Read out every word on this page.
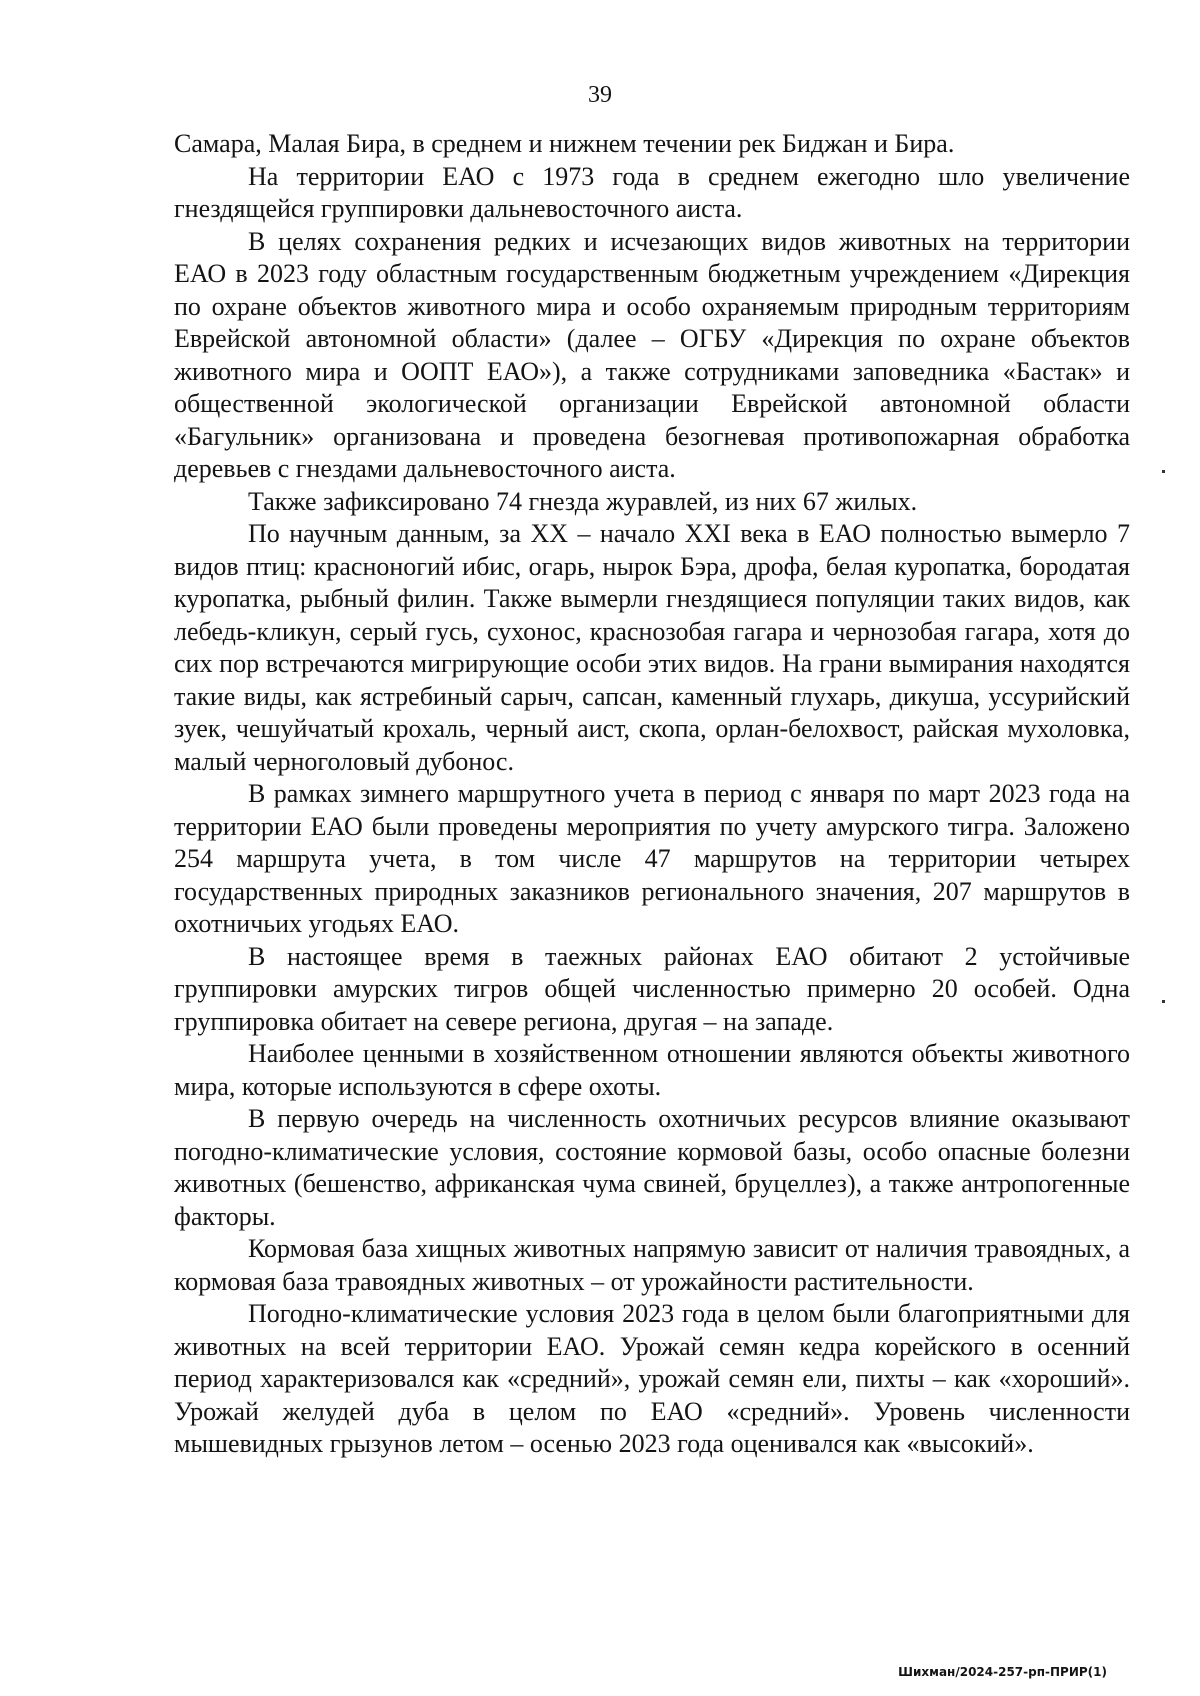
39

Самара, Малая Бира, в среднем и нижнем течении рек Биджан и Бира.

На территории ЕАО с 1973 года в среднем ежегодно шло увеличение гнездящейся группировки дальневосточного аиста.

В целях сохранения редких и исчезающих видов животных на территории ЕАО в 2023 году областным государственным бюджетным учреждением «Дирекция по охране объектов животного мира и особо охраняемым природным территориям Еврейской автономной области» (далее – ОГБУ «Дирекция по охране объектов животного мира и ООПТ ЕАО»), а также сотрудниками заповедника «Бастак» и общественной экологической организации Еврейской автономной области «Багульник» организована и проведена безогневая противопожарная обработка деревьев с гнездами дальневосточного аиста.

Также зафиксировано 74 гнезда журавлей, из них 67 жилых.

По научным данным, за XX – начало XXI века в ЕАО полностью вымерло 7 видов птиц: красноногий ибис, огарь, нырок Бэра, дрофа, белая куропатка, бородатая куропатка, рыбный филин. Также вымерли гнездящиеся популяции таких видов, как лебедь-кликун, серый гусь, сухонос, краснозобая гагара и чернозобая гагара, хотя до сих пор встречаются мигрирующие особи этих видов. На грани вымирания находятся такие виды, как ястребиный сарыч, сапсан, каменный глухарь, дикуша, уссурийский зуек, чешуйчатый крохаль, черный аист, скопа, орлан-белохвост, райская мухоловка, малый черноголовый дубонос.

В рамках зимнего маршрутного учета в период с января по март 2023 года на территории ЕАО были проведены мероприятия по учету амурского тигра. Заложено 254 маршрута учета, в том числе 47 маршрутов на территории четырех государственных природных заказников регионального значения, 207 маршрутов в охотничьих угодьях ЕАО.

В настоящее время в таежных районах ЕАО обитают 2 устойчивые группировки амурских тигров общей численностью примерно 20 особей. Одна группировка обитает на севере региона, другая – на западе.

Наиболее ценными в хозяйственном отношении являются объекты животного мира, которые используются в сфере охоты.

В первую очередь на численность охотничьих ресурсов влияние оказывают погодно-климатические условия, состояние кормовой базы, особо опасные болезни животных (бешенство, африканская чума свиней, бруцеллез), а также антропогенные факторы.

Кормовая база хищных животных напрямую зависит от наличия травоядных, а кормовая база травоядных животных – от урожайности растительности.

Погодно-климатические условия 2023 года в целом были благоприятными для животных на всей территории ЕАО. Урожай семян кедра корейского в осенний период характеризовался как «средний», урожай семян ели, пихты – как «хороший». Урожай желудей дуба в целом по ЕАО «средний». Уровень численности мышевидных грызунов летом – осенью 2023 года оценивался как «высокий».

Шихман/2024-257-рп-ПРИР(1)
